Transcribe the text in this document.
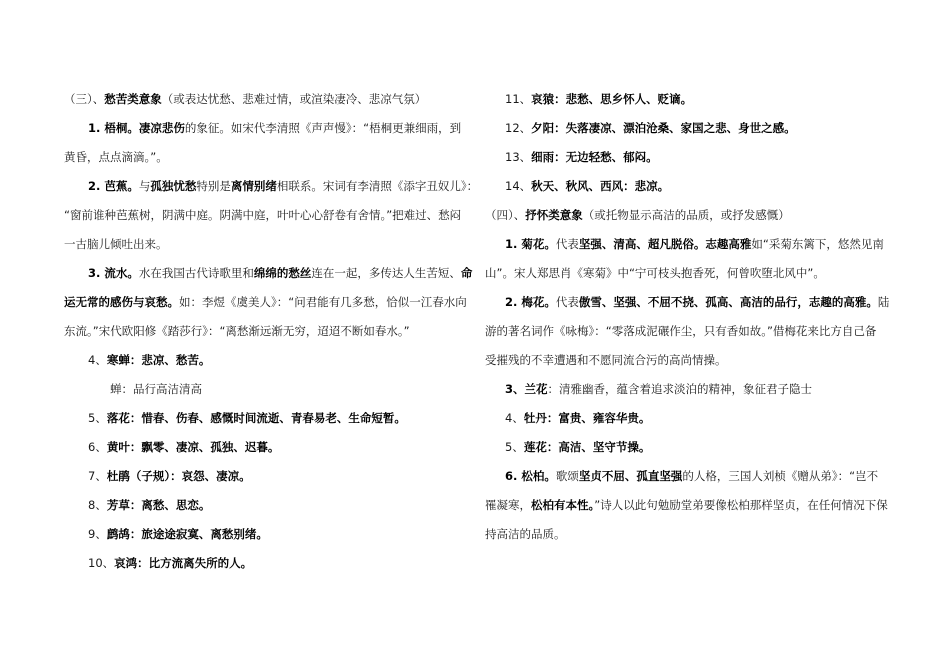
（三）、愁苦类意象（或表达忧愁、悲难过情，或渲染凄冷、悲凉气氛）
1. 梧桐。凄凉悲伤的象征。如宋代李清照《声声慢》：“梧桐更兼细雨，到
黄昏，点点滴滴。”。
2. 芭蕉。与孤独忧愁特别是离情别绪相联系。宋词有李清照《添字丑奴儿》：
“窗前谁种芭蕉树，阴满中庭。阴满中庭，叶叶心心舒卷有舍情。”把难过、愁闷
一古脑儿倾吐出来。
3. 流水。水在我国古代诗歌里和绵绵的愁丝连在一起，多传达人生苦短、命
运无常的感伤与哀愁。如：李煜《虞美人》：“问君能有几多愁，恰似一江春水向
东流。”宋代欧阳修《踏莎行》：“离愁渐远渐无穷，迢迢不断如春水。”
4、寒蝉：悲凉、愁苦。
蝉：品行高洁清高
5、落花：惜春、伤春、感慨时间流逝、青春易老、生命短暂。
6、黄叶：飘零、凄凉、孤独、迟暮。
7、杜鹃（子规）：哀怨、凄凉。
8、芳草：离愁、思恋。
9、鹧鸪：旅途途寂寞、离愁别绪。
10、哀鸿：比方流离失所的人。
11、哀猿：悲愁、思乡怀人、贬谪。
12、夕阳：失落凄凉、漂泊沧桑、家国之悲、身世之感。
13、细雨：无边轻愁、郁闷。
14、秋天、秋风、西风：悲凉。
（四）、抒怀类意象（或托物显示高洁的品质，或抒发感慨）
1. 菊花。代表坚强、清高、超凡脱俗。志趣高雅如“采菊东篱下，悠然见南
山”。宋人郑思肖《寒菊》中“宁可枝头抱香死，何曾吹堕北风中”。
2. 梅花。代表傲雪、坚强、不屈不挠、孤高、高洁的品行，志趣的高雅。陆
游的著名词作《咏梅》：“零落成泥碾作尘，只有香如故。”借梅花来比方自己备
受摧残的不幸遭遇和不愿同流合污的高尚情操。
3、兰花：清雅幽香，蕴含着追求淡泊的精神，象征君子隐士
4、牡丹：富贵、雍容华贵。
5、莲花：高洁、坚守节操。
6. 松柏。歌颂坚贞不屈、孤直坚强的人格，三国人刘桢《赠从弟》：“岂不
罹凝寒，松柏有本性。”诗人以此句勉励堂弟要像松柏那样坚贞，在任何情况下保
持高洁的品质。
